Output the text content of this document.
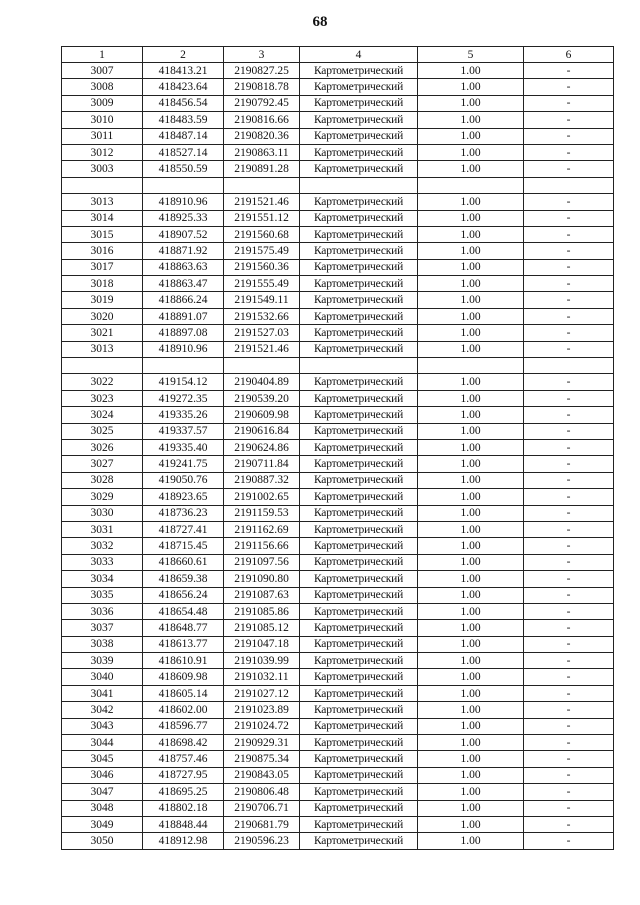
68
1	2	3	4	5	6
3007	418413.21	2190827.25	Картометрический	1.00	-
3008	418423.64	2190818.78	Картометрический	1.00	-
3009	418456.54	2190792.45	Картометрический	1.00	-
3010	418483.59	2190816.66	Картометрический	1.00	-
3011	418487.14	2190820.36	Картометрический	1.00	-
3012	418527.14	2190863.11	Картометрический	1.00	-
3003	418550.59	2190891.28	Картометрический	1.00	-

3013	418910.96	2191521.46	Картометрический	1.00	-
3014	418925.33	2191551.12	Картометрический	1.00	-
3015	418907.52	2191560.68	Картометрический	1.00	-
3016	418871.92	2191575.49	Картометрический	1.00	-
3017	418863.63	2191560.36	Картометрический	1.00	-
3018	418863.47	2191555.49	Картометрический	1.00	-
3019	418866.24	2191549.11	Картометрический	1.00	-
3020	418891.07	2191532.66	Картометрический	1.00	-
3021	418897.08	2191527.03	Картометрический	1.00	-
3013	418910.96	2191521.46	Картометрический	1.00	-

3022	419154.12	2190404.89	Картометрический	1.00	-
3023	419272.35	2190539.20	Картометрический	1.00	-
3024	419335.26	2190609.98	Картометрический	1.00	-
3025	419337.57	2190616.84	Картометрический	1.00	-
3026	419335.40	2190624.86	Картометрический	1.00	-
3027	419241.75	2190711.84	Картометрический	1.00	-
3028	419050.76	2190887.32	Картометрический	1.00	-
3029	418923.65	2191002.65	Картометрический	1.00	-
3030	418736.23	2191159.53	Картометрический	1.00	-
3031	418727.41	2191162.69	Картометрический	1.00	-
3032	418715.45	2191156.66	Картометрический	1.00	-
3033	418660.61	2191097.56	Картометрический	1.00	-
3034	418659.38	2191090.80	Картометрический	1.00	-
3035	418656.24	2191087.63	Картометрический	1.00	-
3036	418654.48	2191085.86	Картометрический	1.00	-
3037	418648.77	2191085.12	Картометрический	1.00	-
3038	418613.77	2191047.18	Картометрический	1.00	-
3039	418610.91	2191039.99	Картометрический	1.00	-
3040	418609.98	2191032.11	Картометрический	1.00	-
3041	418605.14	2191027.12	Картометрический	1.00	-
3042	418602.00	2191023.89	Картометрический	1.00	-
3043	418596.77	2191024.72	Картометрический	1.00	-
3044	418698.42	2190929.31	Картометрический	1.00	-
3045	418757.46	2190875.34	Картометрический	1.00	-
3046	418727.95	2190843.05	Картометрический	1.00	-
3047	418695.25	2190806.48	Картометрический	1.00	-
3048	418802.18	2190706.71	Картометрический	1.00	-
3049	418848.44	2190681.79	Картометрический	1.00	-
3050	418912.98	2190596.23	Картометрический	1.00	-
